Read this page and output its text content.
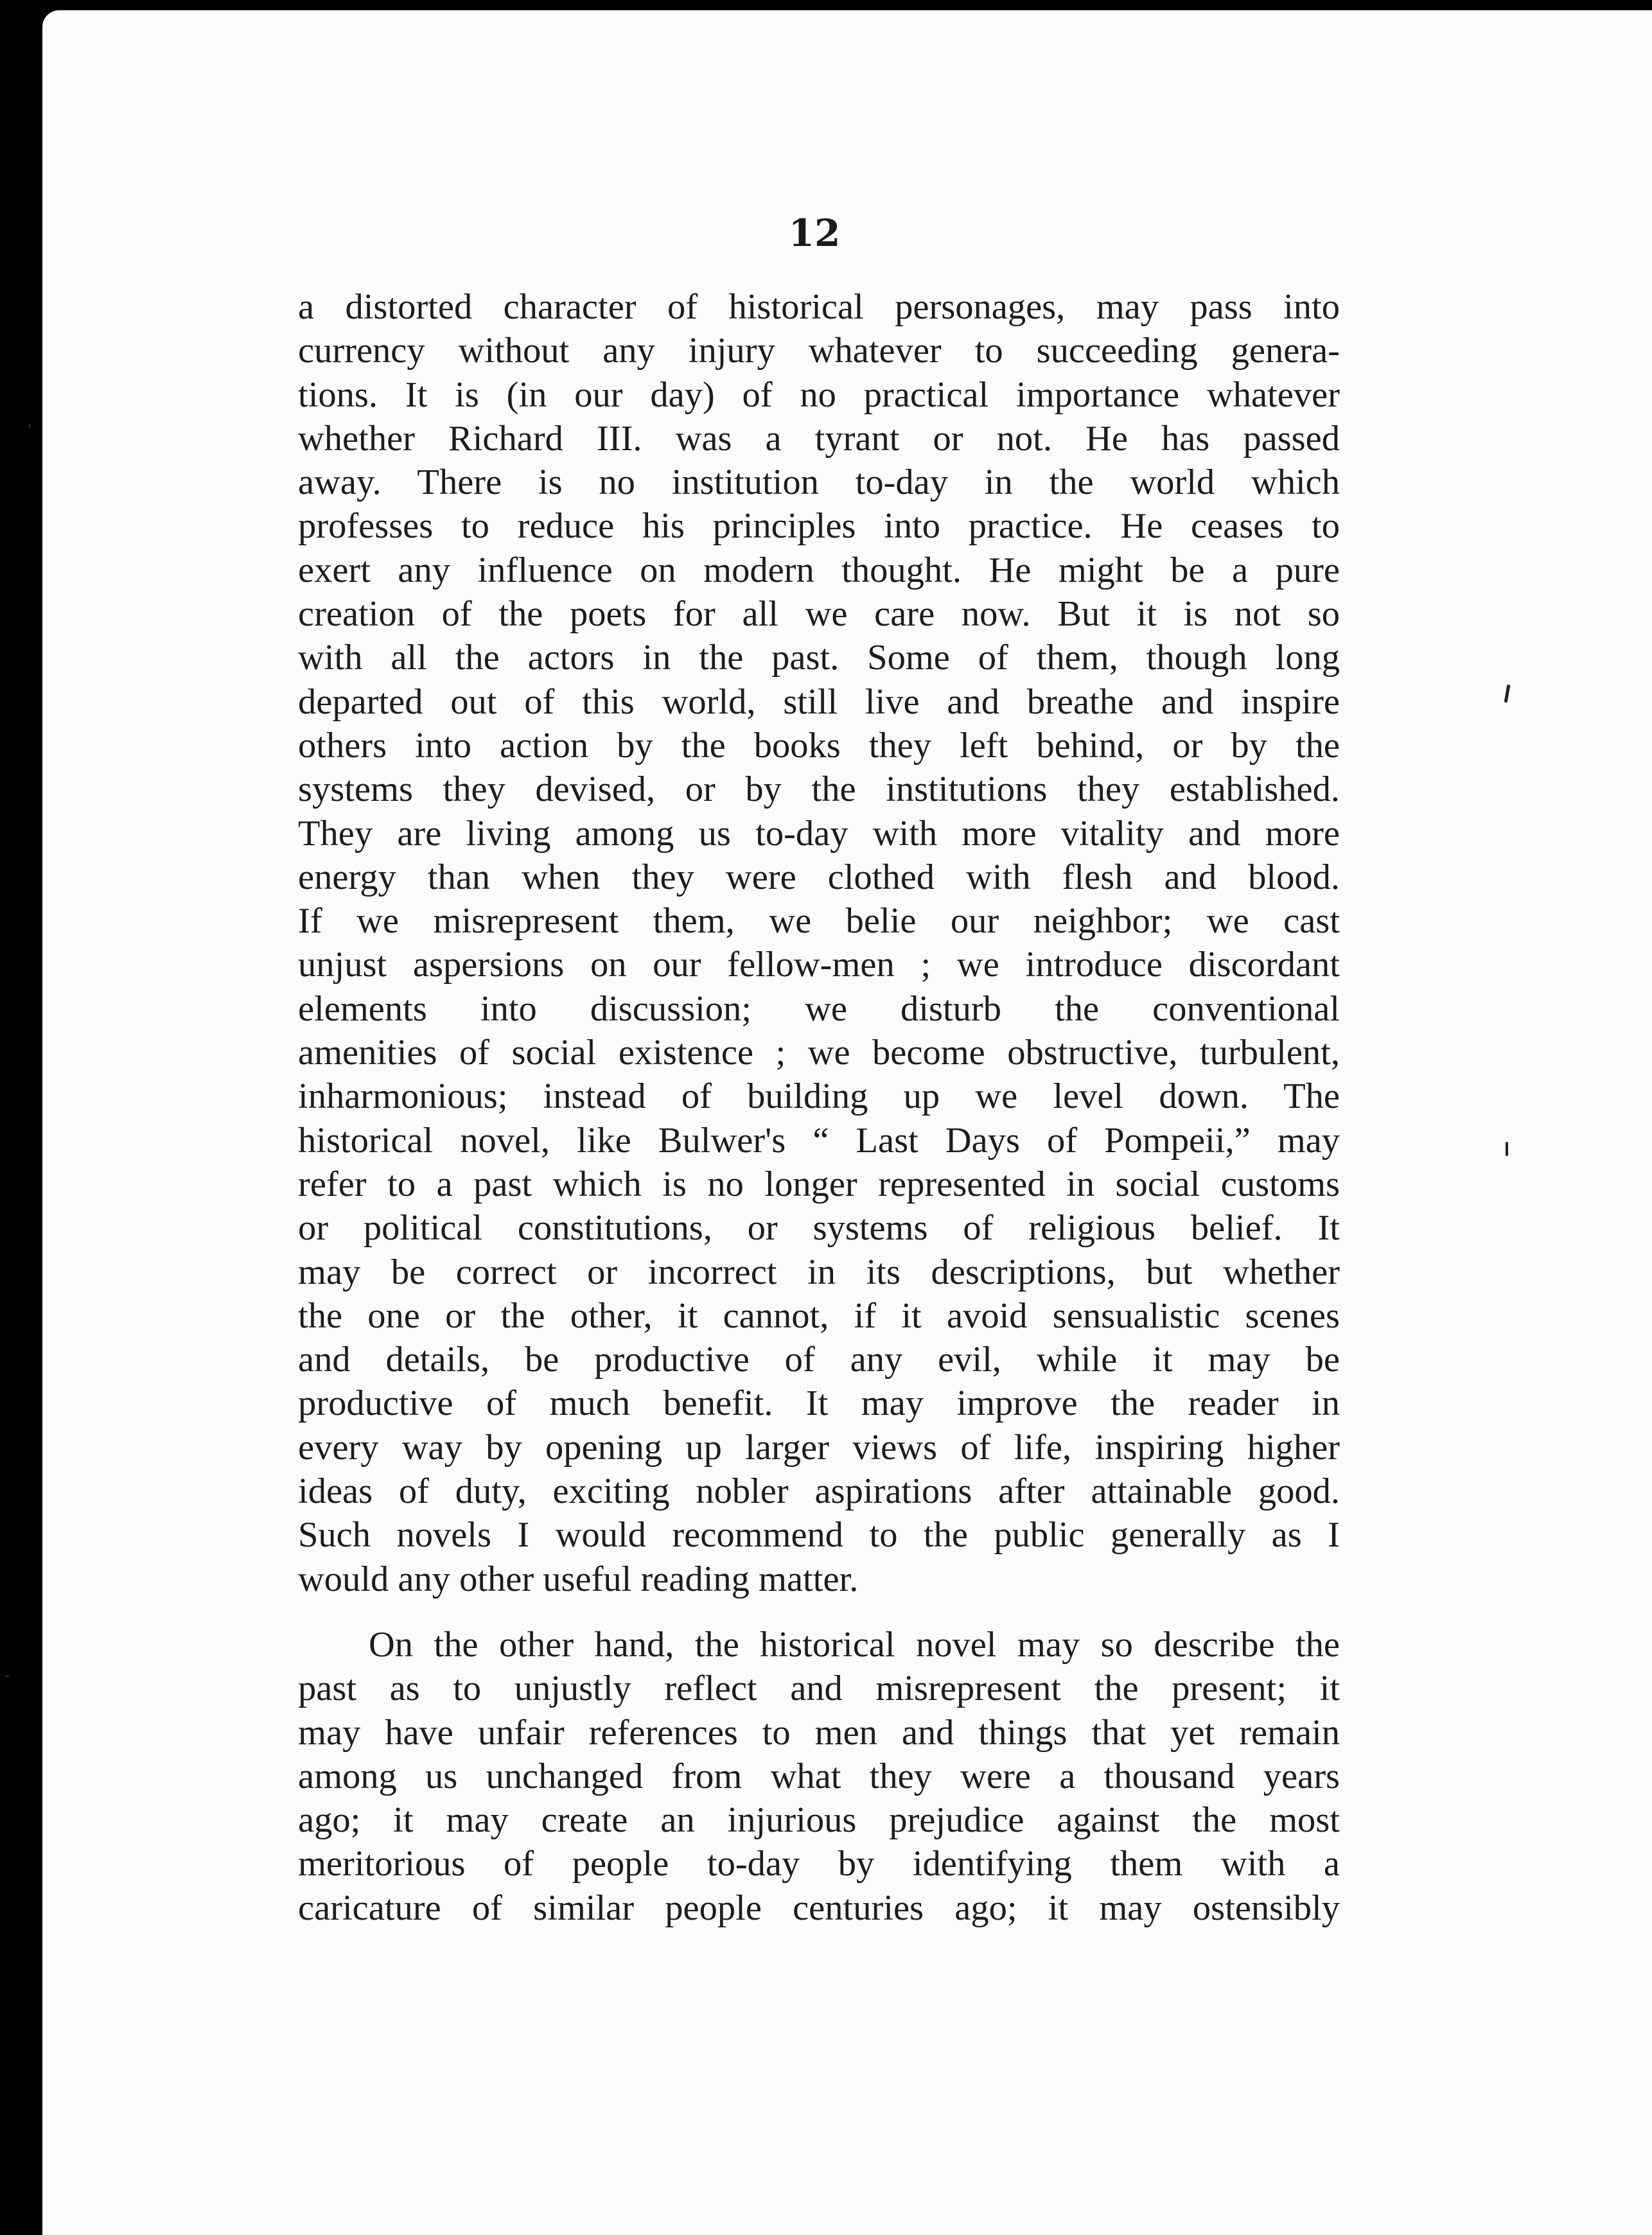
12
a distorted character of historical personages, may pass into
currency without any injury whatever to succeeding genera-
tions. It is (in our day) of no practical importance whatever
whether Richard III. was a tyrant or not. He has passed
away. There is no institution to-day in the world which
professes to reduce his principles into practice. He ceases to
exert any influence on modern thought. He might be a pure
creation of the poets for all we care now. But it is not so
with all the actors in the past. Some of them, though long
departed out of this world, still live and breathe and inspire
others into action by the books they left behind, or by the
systems they devised, or by the institutions they established.
They are living among us to-day with more vitality and more
energy than when they were clothed with flesh and blood.
If we misrepresent them, we belie our neighbor; we cast
unjust aspersions on our fellow-men ; we introduce discordant
elements into discussion; we disturb the conventional
amenities of social existence ; we become obstructive, turbulent,
inharmonious; instead of building up we level down. The
historical novel, like Bulwer's “ Last Days of Pompeii,” may
refer to a past which is no longer represented in social customs
or political constitutions, or systems of religious belief. It
may be correct or incorrect in its descriptions, but whether
the one or the other, it cannot, if it avoid sensualistic scenes
and details, be productive of any evil, while it may be
productive of much benefit. It may improve the reader in
every way by opening up larger views of life, inspiring higher
ideas of duty, exciting nobler aspirations after attainable good.
Such novels I would recommend to the public generally as I
would any other useful reading matter.
On the other hand, the historical novel may so describe the
past as to unjustly reflect and misrepresent the present; it
may have unfair references to men and things that yet remain
among us unchanged from what they were a thousand years
ago; it may create an injurious prejudice against the most
meritorious of people to-day by identifying them with a
caricature of similar people centuries ago; it may ostensibly
